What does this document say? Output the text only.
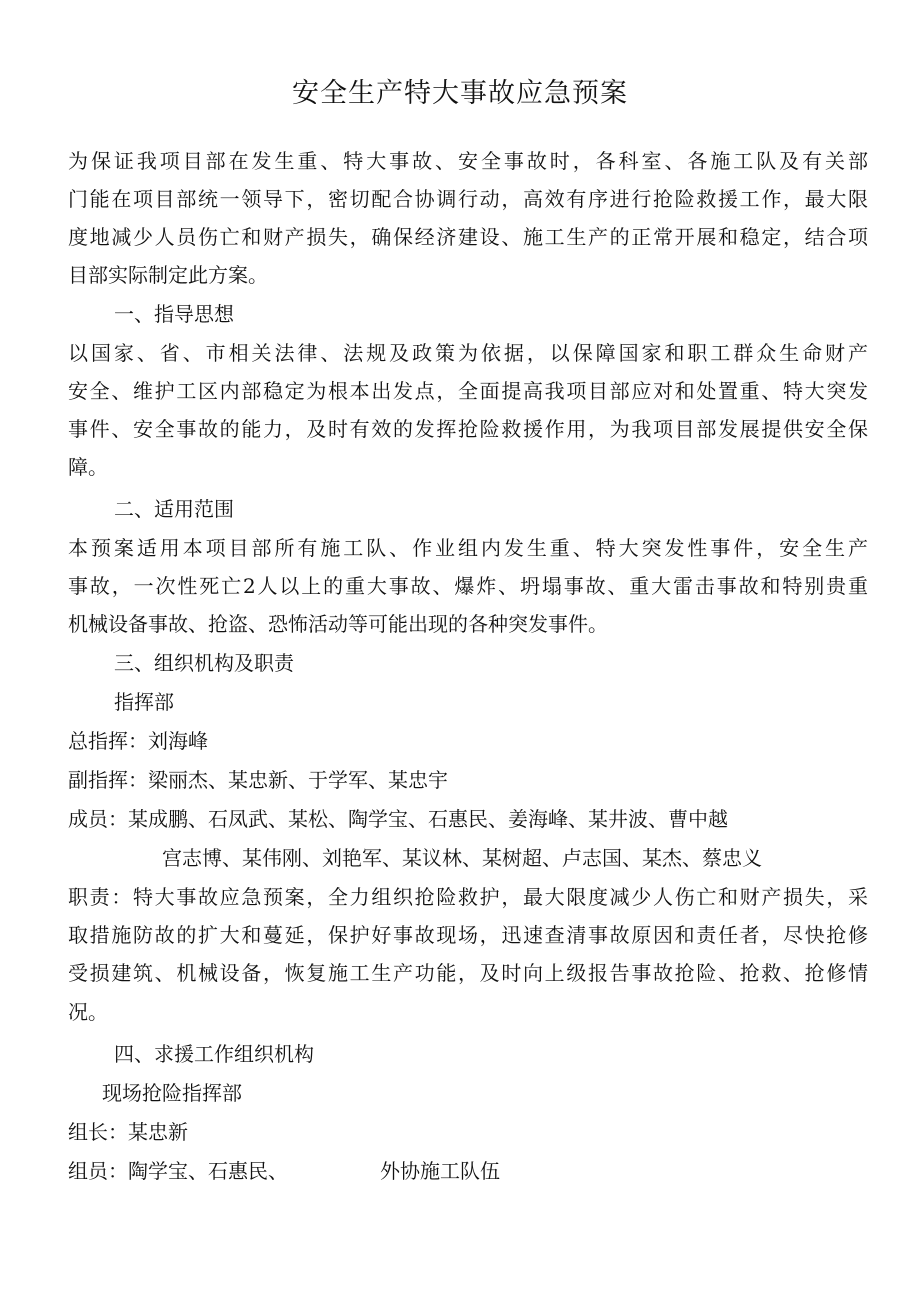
安全生产特大事故应急预案
为保证我项目部在发生重、特大事故、安全事故时，各科室、各施工队及有关部
门能在项目部统一领导下，密切配合协调行动，高效有序进行抢险救援工作，最大限
度地减少人员伤亡和财产损失，确保经济建设、施工生产的正常开展和稳定，结合项
目部实际制定此方案。
一、指导思想
以国家、省、市相关法律、法规及政策为依据，以保障国家和职工群众生命财产
安全、维护工区内部稳定为根本出发点，全面提高我项目部应对和处置重、特大突发
事件、安全事故的能力，及时有效的发挥抢险救援作用，为我项目部发展提供安全保
障。
二、适用范围
本预案适用本项目部所有施工队、作业组内发生重、特大突发性事件，安全生产
事故，一次性死亡2人以上的重大事故、爆炸、坍塌事故、重大雷击事故和特别贵重
机械设备事故、抢盗、恐怖活动等可能出现的各种突发事件。
三、组织机构及职责
指挥部
总指挥：刘海峰
副指挥：梁丽杰、某忠新、于学军、某忠宇
成员：某成鹏、石凤武、某松、陶学宝、石惠民、姜海峰、某井波、曹中越
宫志博、某伟刚、刘艳军、某议林、某树超、卢志国、某杰、蔡忠义
职责：特大事故应急预案，全力组织抢险救护，最大限度减少人伤亡和财产损失，采
取措施防故的扩大和蔓延，保护好事故现场，迅速查清事故原因和责任者，尽快抢修
受损建筑、机械设备，恢复施工生产功能，及时向上级报告事故抢险、抢救、抢修情
况。
四、求援工作组织机构
现场抢险指挥部
组长：某忠新
组员：陶学宝、石惠民、	外协施工队伍
